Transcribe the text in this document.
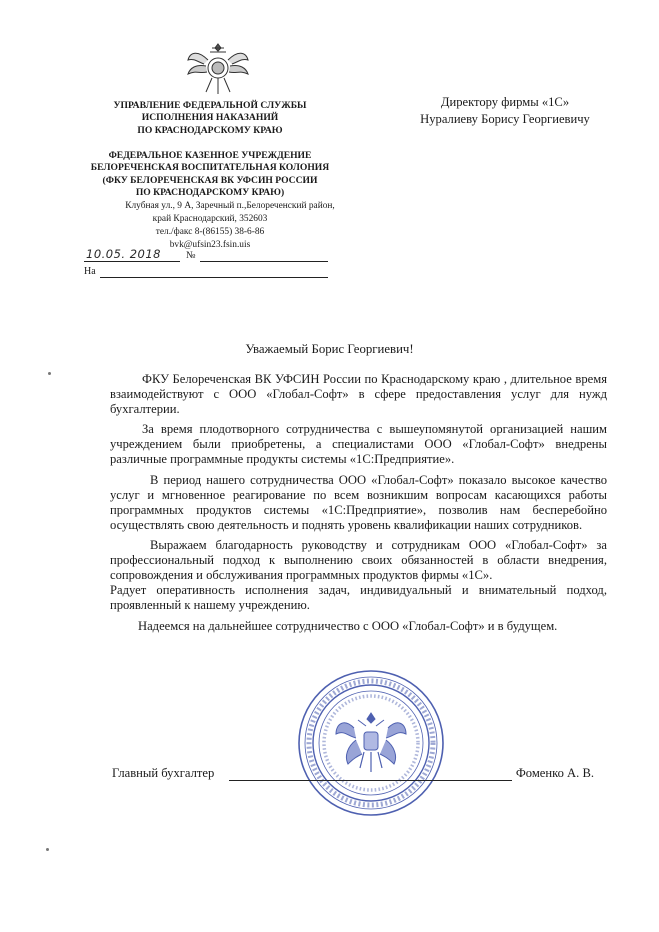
УПРАВЛЕНИЕ ФЕДЕРАЛЬНОЙ СЛУЖБЫ
ИСПОЛНЕНИЯ НАКАЗАНИЙ
ПО КРАСНОДАРСКОМУ КРАЮ
ФЕДЕРАЛЬНОЕ КАЗЕННОЕ УЧРЕЖДЕНИЕ
БЕЛОРЕЧЕНСКАЯ ВОСПИТАТЕЛЬНАЯ КОЛОНИЯ
(ФКУ БЕЛОРЕЧЕНСКАЯ ВК УФСИН РОССИИ
ПО КРАСНОДАРСКОМУ КРАЮ)
Клубная ул., 9 А, Заречный п.,Белореченский район,
край Краснодарский, 352603
тел./факс 8-(86155) 38-6-86
bvk@ufsin23.fsin.uis
10.05. 2018	№
На
Директору фирмы «1С»
Нуралиеву Борису Георгиевичу
Уважаемый Борис Георгиевич!

ФКУ Белореченская ВК УФСИН России по Краснодарскому краю , длительное время взаимодействуют с ООО «Глобал-Софт» в сфере предоставления услуг для нужд бухгалтерии.

За время плодотворного сотрудничества с вышеупомянутой организацией нашим учреждением были приобретены, а специалистами ООО «Глобал-Софт» внедрены различные программные продукты системы «1С:Предприятие».

В период нашего сотрудничества ООО «Глобал-Софт» показало высокое качество услуг и мгновенное реагирование по всем возникшим вопросам касающихся работы программных продуктов системы «1С:Предприятие», позволив нам бесперебойно осуществлять свою деятельность и поднять уровень квалификации наших сотрудников.

Выражаем благодарность руководству и сотрудникам ООО «Глобал-Софт» за профессиональный подход к выполнению своих обязанностей в области внедрения, сопровождения и обслуживания программных продуктов фирмы «1С».

Радует оперативность исполнения задач, индивидуальный и внимательный подход, проявленный к нашему учреждению.

Надеемся на дальнейшее сотрудничество с ООО «Глобал-Софт» и в будущем.

Главный бухгалтер	Фоменко А. В.
